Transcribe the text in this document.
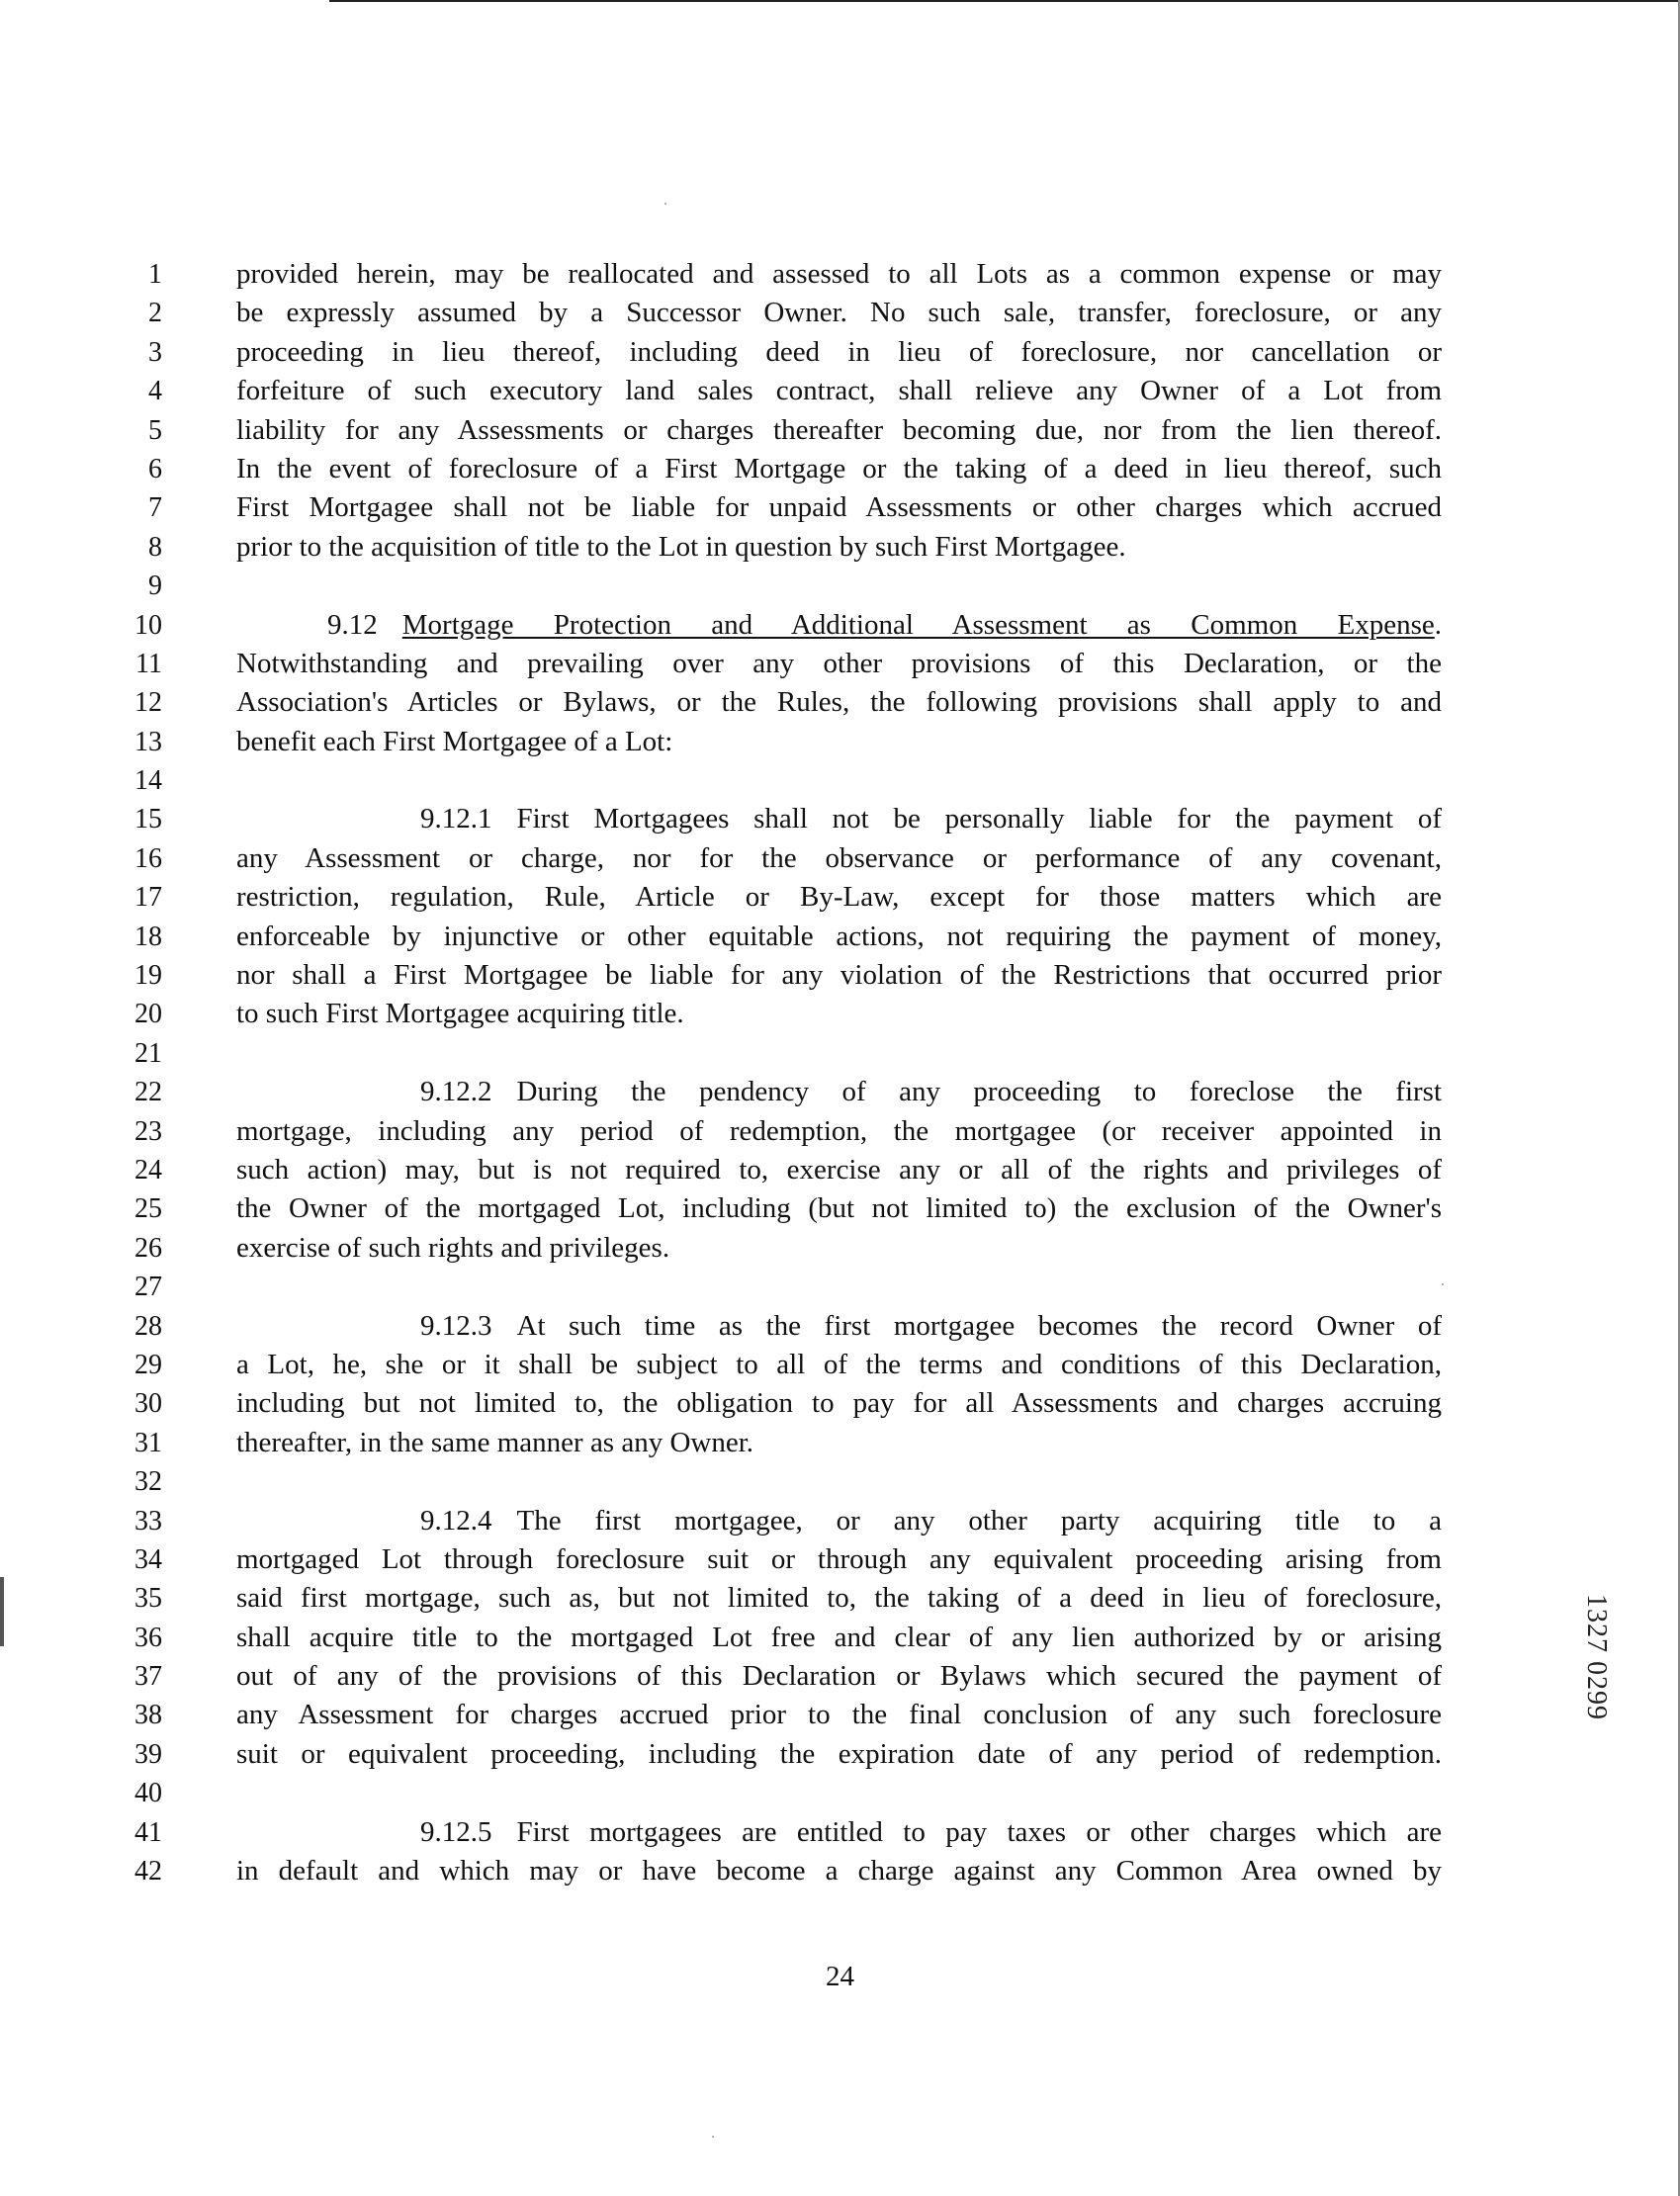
1
2
3
4
5
6
7
8
9
10
11
12
13
14
15
16
17
18
19
20
21
22
23
24
25
26
27
28
29
30
31
32
33
34
35
36
37
38
39
40
41
42
provided herein, may be reallocated and assessed to all Lots as a common expense or may
be expressly assumed by a Successor Owner. No such sale, transfer, foreclosure, or any
proceeding in lieu thereof, including deed in lieu of foreclosure, nor cancellation or
forfeiture of such executory land sales contract, shall relieve any Owner of a Lot from
liability for any Assessments or charges thereafter becoming due, nor from the lien thereof.
In the event of foreclosure of a First Mortgage or the taking of a deed in lieu thereof, such
First Mortgagee shall not be liable for unpaid Assessments or other charges which accrued
prior to the acquisition of title to the Lot in question by such First Mortgagee.
9.12 Mortgage Protection and Additional Assessment as Common Expense.
Notwithstanding and prevailing over any other provisions of this Declaration, or the
Association's Articles or Bylaws, or the Rules, the following provisions shall apply to and
benefit each First Mortgagee of a Lot:
9.12.1 First Mortgagees shall not be personally liable for the payment of
any Assessment or charge, nor for the observance or performance of any covenant,
restriction, regulation, Rule, Article or By-Law, except for those matters which are
enforceable by injunctive or other equitable actions, not requiring the payment of money,
nor shall a First Mortgagee be liable for any violation of the Restrictions that occurred prior
to such First Mortgagee acquiring title.
9.12.2 During the pendency of any proceeding to foreclose the first
mortgage, including any period of redemption, the mortgagee (or receiver appointed in
such action) may, but is not required to, exercise any or all of the rights and privileges of
the Owner of the mortgaged Lot, including (but not limited to) the exclusion of the Owner's
exercise of such rights and privileges.
9.12.3 At such time as the first mortgagee becomes the record Owner of
a Lot, he, she or it shall be subject to all of the terms and conditions of this Declaration,
including but not limited to, the obligation to pay for all Assessments and charges accruing
thereafter, in the same manner as any Owner.
9.12.4 The first mortgagee, or any other party acquiring title to a
mortgaged Lot through foreclosure suit or through any equivalent proceeding arising from
said first mortgage, such as, but not limited to, the taking of a deed in lieu of foreclosure,
shall acquire title to the mortgaged Lot free and clear of any lien authorized by or arising
out of any of the provisions of this Declaration or Bylaws which secured the payment of
any Assessment for charges accrued prior to the final conclusion of any such foreclosure
suit or equivalent proceeding, including the expiration date of any period of redemption.
9.12.5 First mortgagees are entitled to pay taxes or other charges which are
in default and which may or have become a charge against any Common Area owned by
24
1327 0299
